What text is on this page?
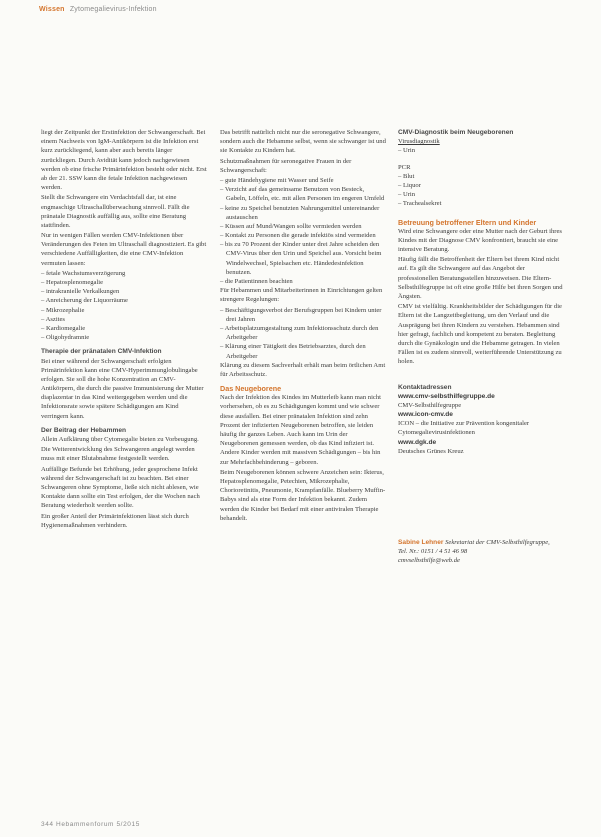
Wissen Zytomegalievirus-Infektion

liegt der Zeitpunkt der Erstinfektion der Schwangerschaft. Bei einem Nachweis von IgM-Antikörpern ist die Infektion erst kurz zurückliegend, kann aber auch bereits länger zurückliegen. Durch Avidität kann jedoch nachgewiesen werden ob eine frische Primärinfektion besteht oder nicht. Erst ab der 21. SSW kann die fetale Infektion nachgewiesen werden.

Stellt die Schwangere ein Verdachtsfall dar, ist eine engmaschige Ultraschallüberwachung sinnvoll. Fällt die pränatale Diagnostik auffällig aus, sollte eine Beratung stattfinden.

Nur in wenigen Fällen werden CMV-Infektionen über Veränderungen des Feten im Ultraschall diagnostiziert. Es gibt verschiedene Auffälligkeiten, die eine CMV-Infektion vermuten lassen:

– fetale Wachstumsverzögerung
– Hepatosplenomegalie
– intrakranielle Verkalkungen
– Anreicherung der Liquorräume
– Mikrozephalie
– Aszites
– Kardiomegalie
– Oligohydramnie
Therapie der pränatalen CMV-Infektion

Bei einer während der Schwangerschaft erfolgten Primärinfektion kann eine CMV-Hyperimmunglobulingabe erfolgen. Sie soll die hohe Konzentration an CMV-Antikörpern, die durch die passive Immunisierung der Mutter diaplazentar in das Kind weitergegeben werden und die Infektionsrate sowie spätere Schädigungen am Kind verringern kann.

Der Beitrag der Hebammen

Allein Aufklärung über Cytomegalie bieten zu Vorbeugung.

Die Weiterentwicklung des Schwangeren angelegt werden muss mit einer Blutabnahme festgestellt werden.

Auffällige Befunde bei Erhöhung, jeder gesprochene Infekt während der Schwangerschaft ist zu beachten. Bei einer Schwangeren ohne Symptome, ließe sich nicht ablesen, wie Kontakte dann sollte ein Test erfolgen, der die Wochen nach Beratung wiederholt werden sollte.

Ein großer Anteil der Primärinfektionen lässt sich durch Hygienemaßnahmen verhindern.

Das betrifft natürlich nicht nur die seronegative Schwangere, sondern auch die Hebamme selbst, wenn sie schwanger ist und sie Kontakte zu Kindern hat.

Schutzmaßnahmen für seronegative Frauen in der Schwangerschaft:

– gute Händehygiene mit Wasser und Seife
– Verzicht auf das gemeinsame Benutzen von Besteck, Gabeln, Löffeln, etc. mit allen Personen im engeren Umfeld
– keine zu Speichel benutzten Nahrungsmittel untereinander austauschen
– Küssen auf Mund/Wangen sollte vermieden werden
– Kontakt zu Personen die gerade infektiös sind vermeiden
– bis zu 70 Prozent der Kinder unter drei Jahre scheiden den CMV-Virus über den Urin und Speichel aus. Vorsicht beim Windelwechsel, Spielsachen etc. Händedesinfektion benutzen.
– die Patientinnen beachten

Für Hebammen und Mitarbeiterinnen in Einrichtungen gelten strengere Regelungen:

– Beschäftigungsverbot der Berufsgruppen bei Kindern unter drei Jahren
– Arbeitsplatzumgestaltung zum Infektionsschutz durch den Arbeitgeber
– Klärung einer Tätigkeit des Betriebsarztes, durch den Arbeitgeber

Klärung zu diesem Sachverhalt erhält man beim örtlichen Amt für Arbeitsschutz.

Das Neugeborene

Nach der Infektion des Kindes im Mutterleib kann man nicht vorhersehen, ob es zu Schädigungen kommt und wie schwer diese ausfallen. Bei einer pränatalen Infektion sind zehn Prozent der infizierten Neugeborenen betroffen, sie leiden häufig ihr ganzes Leben. Auch kann im Urin der Neugeborenen gemessen werden, ob das Kind infiziert ist. Andere Kinder werden mit massiven Schädigungen – bis hin zur Mehrfachbehinderung – geboren.

Beim Neugeborenen können schwere Anzeichen sein: Ikterus, Hepatosplenomegalie, Petechien, Mikrozephalie, Chorioretinitis, Pneumonie, Krampfanfälle. Blueberry Muffin-Babys sind als eine Form der Infektion bekannt. Zudem werden die Kinder bei Bedarf mit einer antiviralen Therapie behandelt.

CMV-Diagnostik beim Neugeborenen
Virusdiagnostik
– Urin
PCR
– Blut
– Liquor
– Urin
– Trachealsekret
Betreuung betroffener Eltern und Kinder

Wird eine Schwangere oder eine Mutter nach der Geburt ihres Kindes mit der Diagnose CMV konfrontiert, braucht sie eine intensive Beratung.

Häufig fällt die Betroffenheit der Eltern bei ihrem Kind nicht auf. Es gilt die Schwangere auf das Angebot der professionellen Beratungsstellen hinzuweisen. Die Eltern-Selbsthilfegruppe ist oft eine große Hilfe bei ihren Sorgen und Ängsten.

CMV ist vielfältig. Krankheitsbilder der Schädigungen für die Eltern ist die Langzeitbegleitung, um den Verlauf und die Ausprägung bei ihren Kindern zu verstehen. Hebammen sind hier gefragt, fachlich und kompetent zu beraten. Begleitung durch die Gynäkologin und die Hebamme getragen. In vielen Fällen ist es zudem sinnvoll, weiterführende Unterstützung zu holen.

Kontaktadressen
www.cmv-selbsthilfegruppe.de
CMV-Selbsthilfegruppe
www.icon-cmv.de
ICON – die Initiative zur Prävention kongenitaler Cytomegalievirusinfektionen
www.dgk.de
Deutsches Grünes Kreuz
Sabine Lehner Sekretariat der CMV-Selbsthilfegruppe,
Tel. Nr.: 0151 / 4 51 46 98
cmvselbsthilfe@web.de
344 Hebammenforum 5/2015
